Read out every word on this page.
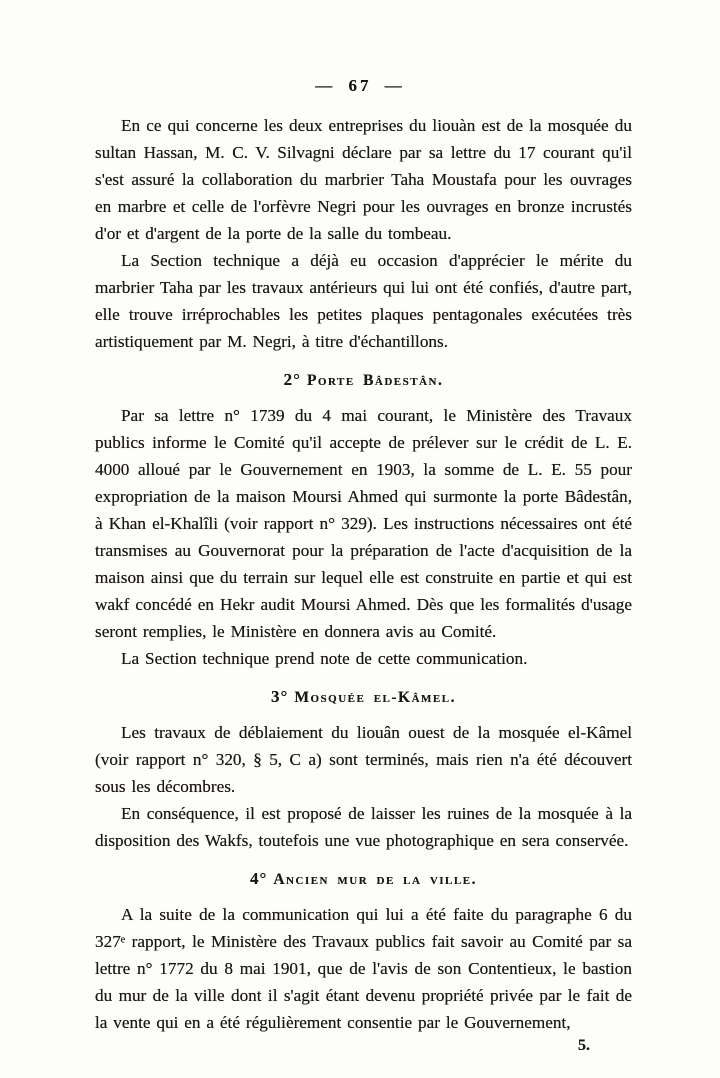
— 67 —

En ce qui concerne les deux entreprises du liouàn est de la mosquée du sultan Hassan, M. C. V. Silvagni déclare par sa lettre du 17 courant qu'il s'est assuré la collaboration du marbrier Taha Moustafa pour les ouvrages en marbre et celle de l'orfèvre Negri pour les ouvrages en bronze incrustés d'or et d'argent de la porte de la salle du tombeau.

La Section technique a déjà eu occasion d'apprécier le mérite du marbrier Taha par les travaux antérieurs qui lui ont été confiés, d'autre part, elle trouve irréprochables les petites plaques pentagonales exécutées très artistiquement par M. Negri, à titre d'échantillons.

2° Porte Bâdestân.

Par sa lettre n° 1739 du 4 mai courant, le Ministère des Travaux publics informe le Comité qu'il accepte de prélever sur le crédit de L. E. 4000 alloué par le Gouvernement en 1903, la somme de L. E. 55 pour expropriation de la maison Moursi Ahmed qui surmonte la porte Bâdestân, à Khan el-Khalîli (voir rapport n° 329). Les instructions nécessaires ont été transmises au Gouvernorat pour la préparation de l'acte d'acquisition de la maison ainsi que du terrain sur lequel elle est construite en partie et qui est wakf concédé en Hekr audit Moursi Ahmed. Dès que les formalités d'usage seront remplies, le Ministère en donnera avis au Comité.

La Section technique prend note de cette communication.

3° Mosquée el-Kâmel.

Les travaux de déblaiement du liouân ouest de la mosquée el-Kâmel (voir rapport n° 320, § 5, C a) sont terminés, mais rien n'a été découvert sous les décombres.

En conséquence, il est proposé de laisser les ruines de la mosquée à la disposition des Wakfs, toutefois une vue photographique en sera conservée.

4° Ancien mur de la ville.

A la suite de la communication qui lui a été faite du paragraphe 6 du 327ᵉ rapport, le Ministère des Travaux publics fait savoir au Comité par sa lettre n° 1772 du 8 mai 1901, que de l'avis de son Contentieux, le bastion du mur de la ville dont il s'agit étant devenu propriété privée par le fait de la vente qui en a été régulièrement consentie par le Gouvernement,

5.
